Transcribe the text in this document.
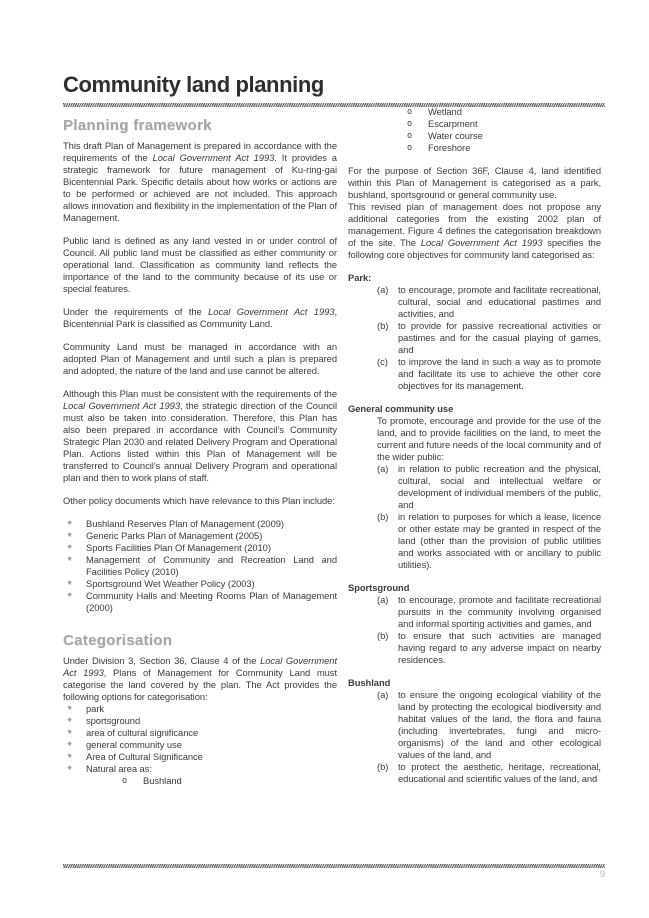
Community land planning
Planning framework
This draft Plan of Management is prepared in accordance with the requirements of the Local Government Act 1993. It provides a strategic framework for future management of Ku-ring-gai Bicentennial Park. Specific details about how works or actions are to be performed or achieved are not included. This approach allows innovation and flexibility in the implementation of the Plan of Management.
Public land is defined as any land vested in or under control of Council. All public land must be classified as either community or operational land. Classification as community land reflects the importance of the land to the community because of its use or special features.
Under the requirements of the Local Government Act 1993, Bicentennial Park is classified as Community Land.
Community Land must be managed in accordance with an adopted Plan of Management and until such a plan is prepared and adopted, the nature of the land and use cannot be altered.
Although this Plan must be consistent with the requirements of the Local Government Act 1993, the strategic direction of the Council must also be taken into consideration. Therefore, this Plan has also been prepared in accordance with Council’s Community Strategic Plan 2030 and related Delivery Program and Operational Plan. Actions listed within this Plan of Management will be transferred to Council’s annual Delivery Program and operational plan and then to work plans of staff.
Other policy documents which have relevance to this Plan include:
✳	Bushland Reserves Plan of Management (2009)
✳	Generic Parks Plan of Management (2005)
✳	Sports Facilities Plan Of Management (2010)
✳	Management of Community and Recreation Land and Facilities Policy (2010)
✳	Sportsground Wet Weather Policy (2003)
✳	Community Halls and Meeting Rooms Plan of Management (2000)
Categorisation
Under Division 3, Section 36, Clause 4 of the Local Government Act 1993, Plans of Management for Community Land must categorise the land covered by the plan. The Act provides the following options for categorisation:
✳	park
✳	sportsground
✳	area of cultural significance
✳	general community use
✳	Area of Cultural Significance
✳	Natural area as:
o	Bushland
o	Wetland
o	Escarpment
o	Water course
o	Foreshore
For the purpose of Section 36F, Clause 4, land identified within this Plan of Management is categorised as a park, bushland, sportsground or general community use.
This revised plan of management does not propose any additional categories from the existing 2002 plan of management. Figure 4 defines the categorisation breakdown of the site. The Local Government Act 1993 specifies the following core objectives for community land categorised as:
Park:
(a)	to encourage, promote and facilitate recreational, cultural, social and educational pastimes and activities, and
(b)	to provide for passive recreational activities or pastimes and for the casual playing of games, and
(c)	to improve the land in such a way as to promote and facilitate its use to achieve the other core objectives for its management.
General community use
To promote, encourage and provide for the use of the land, and to provide facilities on the land, to meet the current and future needs of the local community and of the wider public:
(a)	in relation to public recreation and the physical, cultural, social and intellectual welfare or development of individual members of the public, and
(b)	in relation to purposes for which a lease, licence or other estate may be granted in respect of the land (other than the provision of public utilities and works associated with or ancillary to public utilities).
Sportsground
(a)	to encourage, promote and facilitate recreational pursuits in the community involving organised and informal sporting activities and games, and
(b)	to ensure that such activities are managed having regard to any adverse impact on nearby residences.
Bushland
(a)	to ensure the ongoing ecological viability of the land by protecting the ecological biodiversity and habitat values of the land, the flora and fauna (including invertebrates, fungi and micro-organisms) of the land and other ecological values of the land, and
(b)	to protect the aesthetic, heritage, recreational, educational and scientific values of the land, and
9
